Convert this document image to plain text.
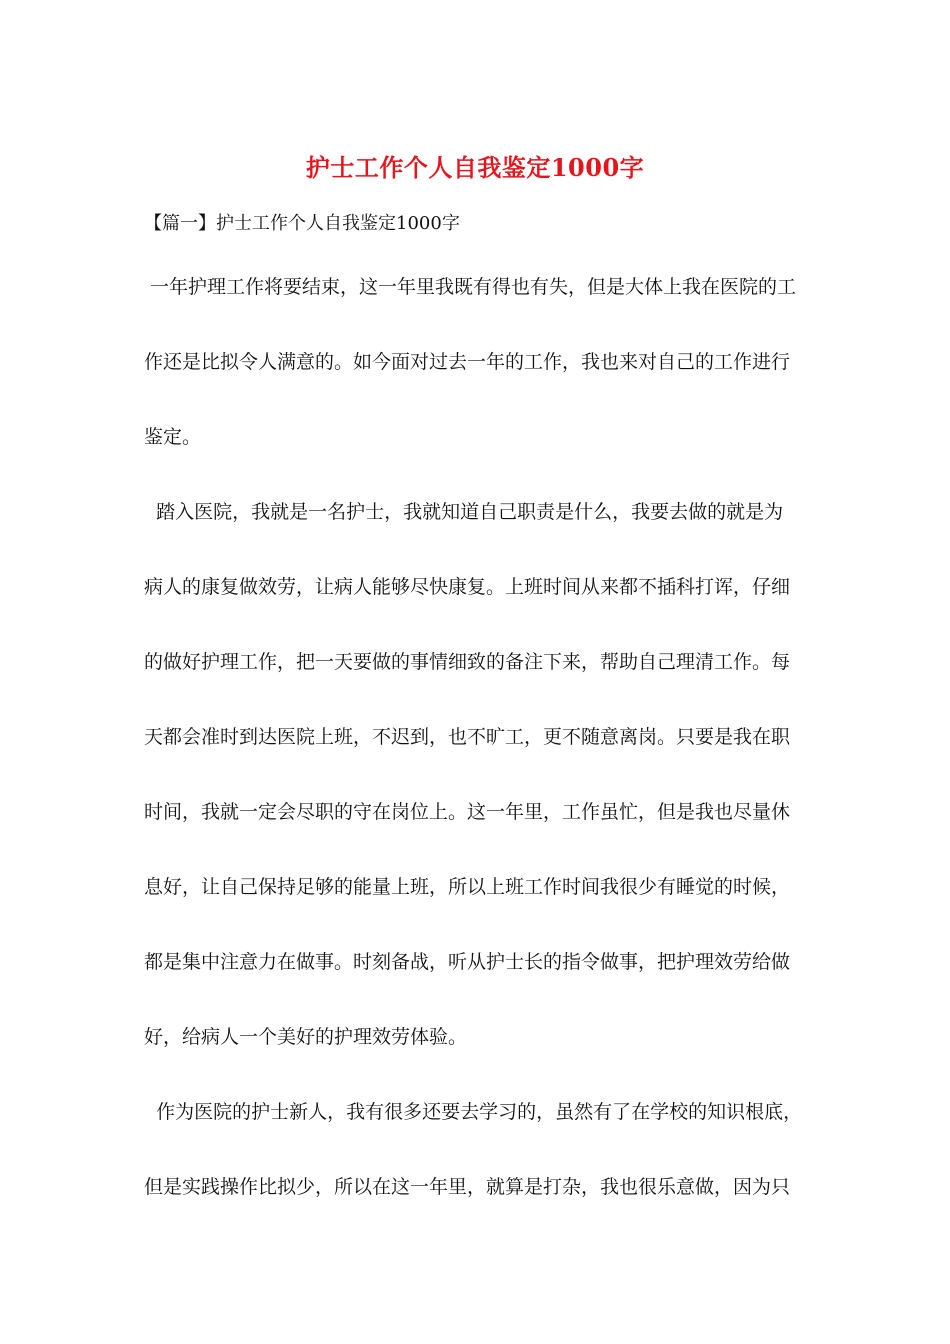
护士工作个人自我鉴定1000字
【篇一】护士工作个人自我鉴定1000字
一年护理工作将要结束，这一年里我既有得也有失，但是大体上我在医院的工
作还是比拟令人满意的。如今面对过去一年的工作，我也来对自己的工作进行
鉴定。
踏入医院，我就是一名护士，我就知道自己职责是什么，我要去做的就是为
病人的康复做效劳，让病人能够尽快康复。上班时间从来都不插科打诨，仔细
的做好护理工作，把一天要做的事情细致的备注下来，帮助自己理清工作。每
天都会准时到达医院上班，不迟到，也不旷工，更不随意离岗。只要是我在职
时间，我就一定会尽职的守在岗位上。这一年里，工作虽忙，但是我也尽量休
息好，让自己保持足够的能量上班，所以上班工作时间我很少有睡觉的时候，
都是集中注意力在做事。时刻备战，听从护士长的指令做事，把护理效劳给做
好，给病人一个美好的护理效劳体验。
作为医院的护士新人，我有很多还要去学习的，虽然有了在学校的知识根底，
但是实践操作比拟少，所以在这一年里，就算是打杂，我也很乐意做，因为只
